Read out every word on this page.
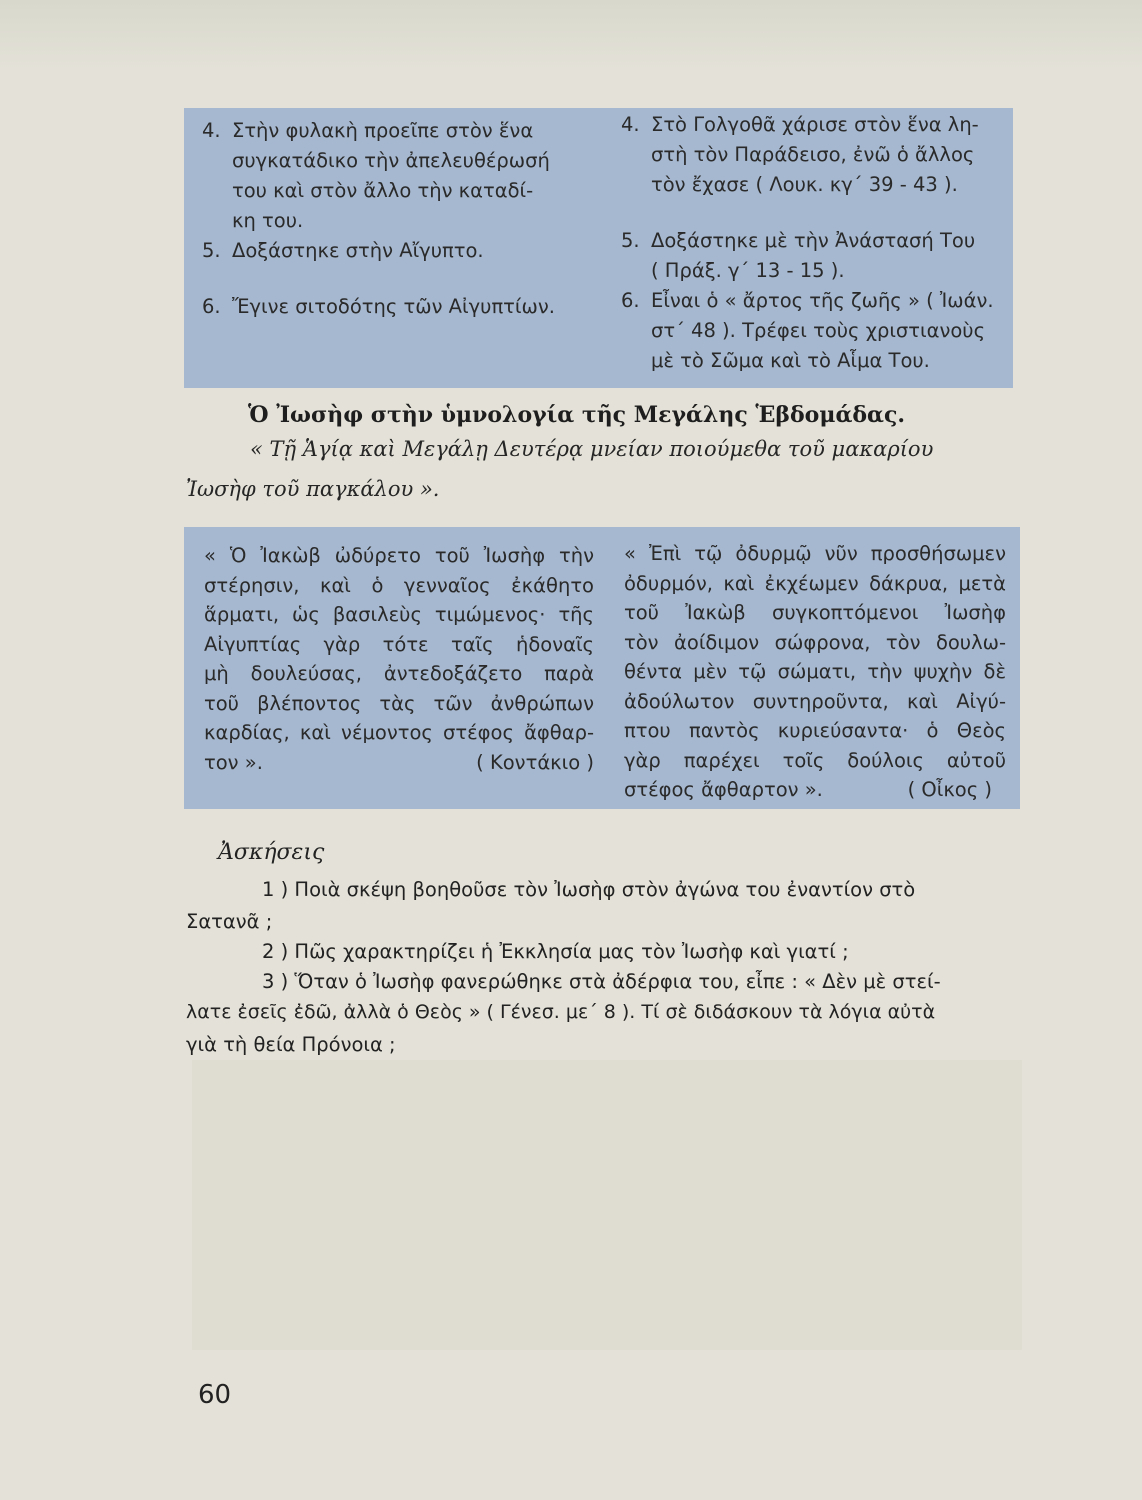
4. Στὴν φυλακὴ προεῖπε στὸν ἕνα
συγκατάδικο τὴν ἀπελευθέρωσή
του καὶ στὸν ἄλλο τὴν καταδί-
κη του.
5. Δοξάστηκε στὴν Αἴγυπτο.
6. Ἔγινε σιτοδότης τῶν Αἰγυπτίων.
4. Στὸ Γολγοθᾶ χάρισε στὸν ἕνα λη-
στὴ τὸν Παράδεισο, ἐνῶ ὁ ἄλλος
τὸν ἔχασε ( Λουκ. κγ΄ 39 - 43 ).
5. Δοξάστηκε μὲ τὴν Ἀνάστασή Του
( Πράξ. γ΄ 13 - 15 ).
6. Εἶναι ὁ « ἄρτος τῆς ζωῆς » ( Ἰωάν.
στ΄ 48 ). Τρέφει τοὺς χριστιανοὺς
μὲ τὸ Σῶμα καὶ τὸ Αἷμα Του.
Ὁ Ἰωσὴφ στὴν ὑμνολογία τῆς Μεγάλης Ἑβδομάδας.
« Τῇ Ἁγίᾳ καὶ Μεγάλῃ Δευτέρᾳ μνείαν ποιούμεθα τοῦ μακαρίου
Ἰωσὴφ τοῦ παγκάλου ».
« Ὁ Ἰακὼβ ὠδύρετο τοῦ Ἰωσὴφ τὴν
στέρησιν, καὶ ὁ γενναῖος ἐκάθητο
ἅρματι, ὡς βασιλεὺς τιμώμενος· τῆς
Αἰγυπτίας γὰρ τότε ταῖς ἡδοναῖς
μὴ δουλεύσας, ἀντεδοξάζετο παρὰ
τοῦ βλέποντος τὰς τῶν ἀνθρώπων
καρδίας, καὶ νέμοντος στέφος ἄφθαρ-
τον ».	( Κοντάκιο )
« Ἐπὶ τῷ ὀδυρμῷ νῦν προσθήσωμεν
ὀδυρμόν, καὶ ἐκχέωμεν δάκρυα, μετὰ
τοῦ Ἰακὼβ συγκοπτόμενοι Ἰωσὴφ
τὸν ἀοίδιμον σώφρονα, τὸν δουλω-
θέντα μὲν τῷ σώματι, τὴν ψυχὴν δὲ
ἀδούλωτον συντηροῦντα, καὶ Αἰγύ-
πτου παντὸς κυριεύσαντα· ὁ Θεὸς
γὰρ παρέχει τοῖς δούλοις αὐτοῦ
στέφος ἄφθαρτον ».	( Οἶκος )
Ἀσκήσεις
1 ) Ποιὰ σκέψη βοηθοῦσε τὸν Ἰωσὴφ στὸν ἀγώνα του ἐναντίον στὸ
Σατανᾶ ;
2 ) Πῶς χαρακτηρίζει ἡ Ἐκκλησία μας τὸν Ἰωσὴφ καὶ γιατί ;
3 ) Ὅταν ὁ Ἰωσὴφ φανερώθηκε στὰ ἀδέρφια του, εἶπε : « Δὲν μὲ στεί-
λατε ἐσεῖς ἐδῶ, ἀλλὰ ὁ Θεὸς » ( Γένεσ. με΄ 8 ). Τί σὲ διδάσκουν τὰ λόγια αὐτὰ
γιὰ τὴ θεία Πρόνοια ;
60
